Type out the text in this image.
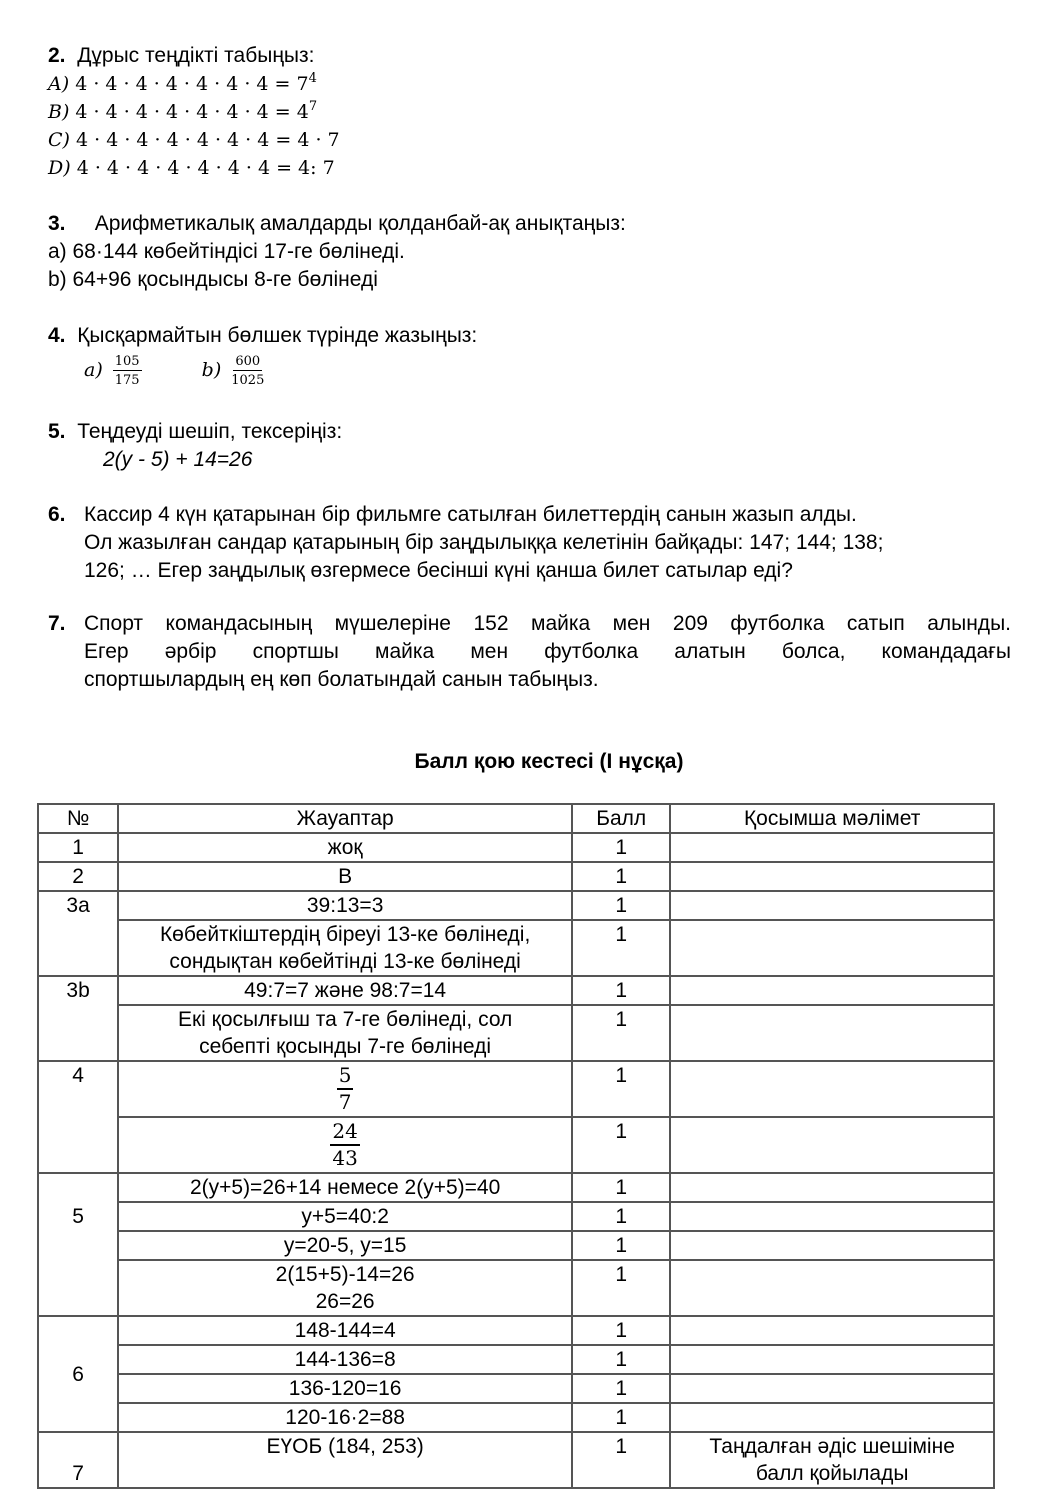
2. Дұрыс теңдікті табыңыз:
A) $4 \cdot 4 \cdot 4 \cdot 4 \cdot 4 \cdot 4 \cdot 4 = 7^4$
B) $4 \cdot 4 \cdot 4 \cdot 4 \cdot 4 \cdot 4 \cdot 4 = 4^7$
C) 4 · 4 · 4 · 4 · 4 · 4 · 4 = 4 · 7
D) 4 · 4 · 4 · 4 · 4 · 4 · 4 = 4: 7
3. Арифметикалық амалдарды қолданбай-ақ анықтаңыз:
a) 68·144 көбейтіндісі 17-ге бөлінеді.
b) 64+96 қосындысы 8-ге бөлінеді
4. Қысқармайтын бөлшек түрінде жазыңыз:
$a) \frac{105}{175}$	$b) \frac{600}{1025}$
5. Теңдеуді шешіп, тексеріңіз:
2(y - 5) + 14=26
6. Кассир 4 күн қатарынан бір фильмге сатылған билеттердің санын жазып алды.
Ол жазылған сандар қатарының бір заңдылыққа келетінін байқады: 147; 144; 138;
126; … Егер заңдылық өзгермесе бесінші күні қанша билет сатылар еді?
7. Спорт командасының мүшелеріне 152 майка мен 209 футболка сатып алынды.
Егер әрбір спортшы майка мен футболка алатын болса, командадағы
спортшылардың ең көп болатындай санын табыңыз.
Балл қою кестесі (І нұсқа)
№	Жауаптар	Балл	Қосымша мәлімет
1	жоқ	1	
2	В	1	
3a	39:13=3	1	

	Көбейткіштердің біреуі 13-ке бөлінеді,
сондықтан көбейтінді 13-ке бөлінеді	1	
3b	49:7=7 және 98:7=14	1	

	Екі қосылғыш та 7-ге бөлінеді, сол
себепті қосынды 7-ге бөлінеді	1	
4	$\frac{5}{7}$	1	

	$\frac{24}{43}$	1	
5	2(y+5)=26+14 немесе 2(y+5)=40	1	
	y+5=40:2	1	
	y=20-5, y=15	1	

	2(15+5)-14=26
26=26	1	
6	148-144=4	1	
	144-136=8	1	
	136-120=16	1	
	120-16·2=88	1	
7	ЕҮОБ (184, 253)	1	Таңдалған әдіс шешіміне
балл қойылады
